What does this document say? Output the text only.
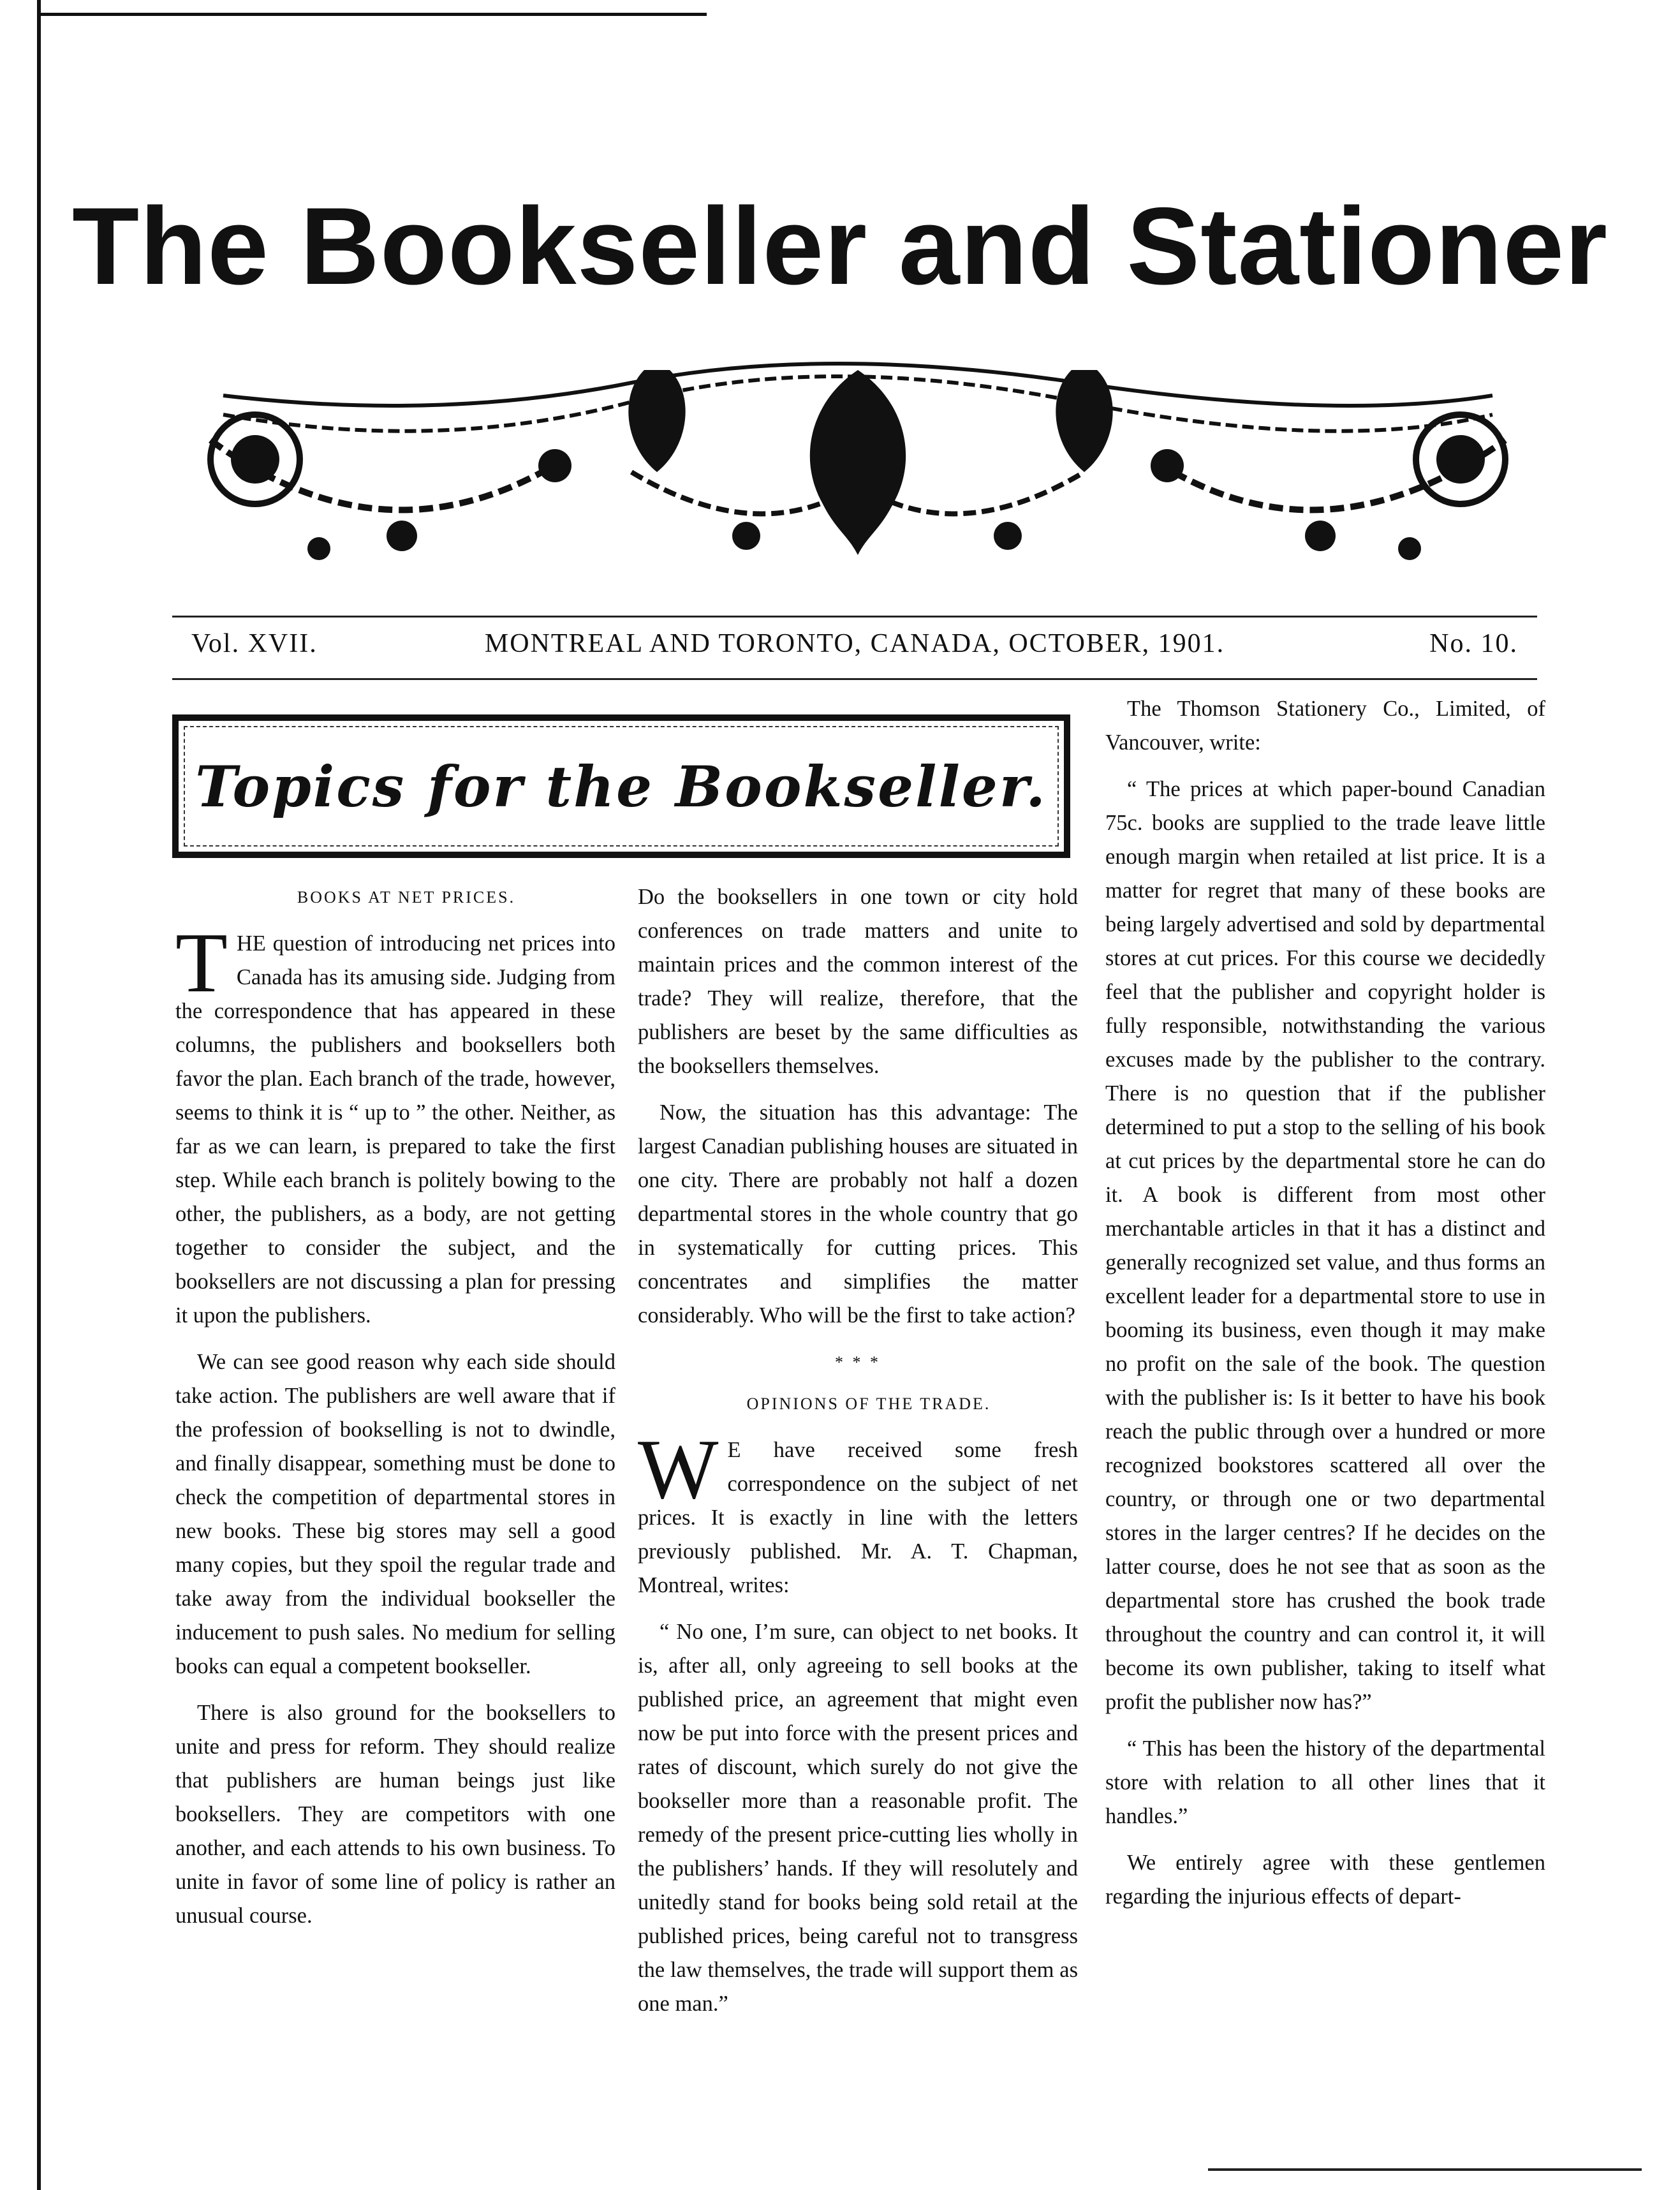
The Bookseller and Stationer
Vol. XVII.	MONTREAL AND TORONTO, CANADA, OCTOBER, 1901.	No. 10.
Topics for the Bookseller.

BOOKS AT NET PRICES.

THE question of introducing net prices into Canada has its amusing side. Judging from the correspondence that has appeared in these columns, the publishers and booksellers both favor the plan. Each branch of the trade, however, seems to think it is “ up to ” the other. Neither, as far as we can learn, is prepared to take the first step. While each branch is politely bowing to the other, the publishers, as a body, are not getting together to consider the subject, and the booksellers are not discussing a plan for pressing it upon the publishers.

We can see good reason why each side should take action. The publishers are well aware that if the profession of bookselling is not to dwindle, and finally disappear, something must be done to check the competition of departmental stores in new books. These big stores may sell a good many copies, but they spoil the regular trade and take away from the individual bookseller the inducement to push sales. No medium for selling books can equal a competent bookseller.

There is also ground for the booksellers to unite and press for reform. They should realize that publishers are human beings just like booksellers. They are competitors with one another, and each attends to his own business. To unite in favor of some line of policy is rather an unusual course.

Do the booksellers in one town or city hold conferences on trade matters and unite to maintain prices and the common interest of the trade? They will realize, therefore, that the publishers are beset by the same difficulties as the booksellers themselves.

Now, the situation has this advantage: The largest Canadian publishing houses are situated in one city. There are probably not half a dozen departmental stores in the whole country that go in systematically for cutting prices. This concentrates and simplifies the matter considerably. Who will be the first to take action?

* * *

OPINIONS OF THE TRADE.

W E have received some fresh correspondence on the subject of net prices. It is exactly in line with the letters previously published. Mr. A. T. Chapman, Montreal, writes:

“ No one, I’m sure, can object to net books. It is, after all, only agreeing to sell books at the published price, an agreement that might even now be put into force with the present prices and rates of discount, which surely do not give the bookseller more than a reasonable profit. The remedy of the present price-cutting lies wholly in the publishers’ hands. If they will resolutely and unitedly stand for books being sold retail at the published prices, being careful not to transgress the law themselves, the trade will support them as one man.”

The Thomson Stationery Co., Limited, of Vancouver, write:

“ The prices at which paper-bound Canadian 75c. books are supplied to the trade leave little enough margin when retailed at list price. It is a matter for regret that many of these books are being largely advertised and sold by departmental stores at cut prices. For this course we decidedly feel that the publisher and copyright holder is fully responsible, notwithstanding the various excuses made by the publisher to the contrary. There is no question that if the publisher determined to put a stop to the selling of his book at cut prices by the departmental store he can do it. A book is different from most other merchantable articles in that it has a distinct and generally recognized set value, and thus forms an excellent leader for a departmental store to use in booming its business, even though it may make no profit on the sale of the book. The question with the publisher is: Is it better to have his book reach the public through over a hundred or more recognized bookstores scattered all over the country, or through one or two departmental stores in the larger centres? If he decides on the latter course, does he not see that as soon as the departmental store has crushed the book trade throughout the country and can control it, it will become its own publisher, taking to itself what profit the publisher now has?”

“ This has been the history of the departmental store with relation to all other lines that it handles.”

We entirely agree with these gentlemen regarding the injurious effects of depart-
